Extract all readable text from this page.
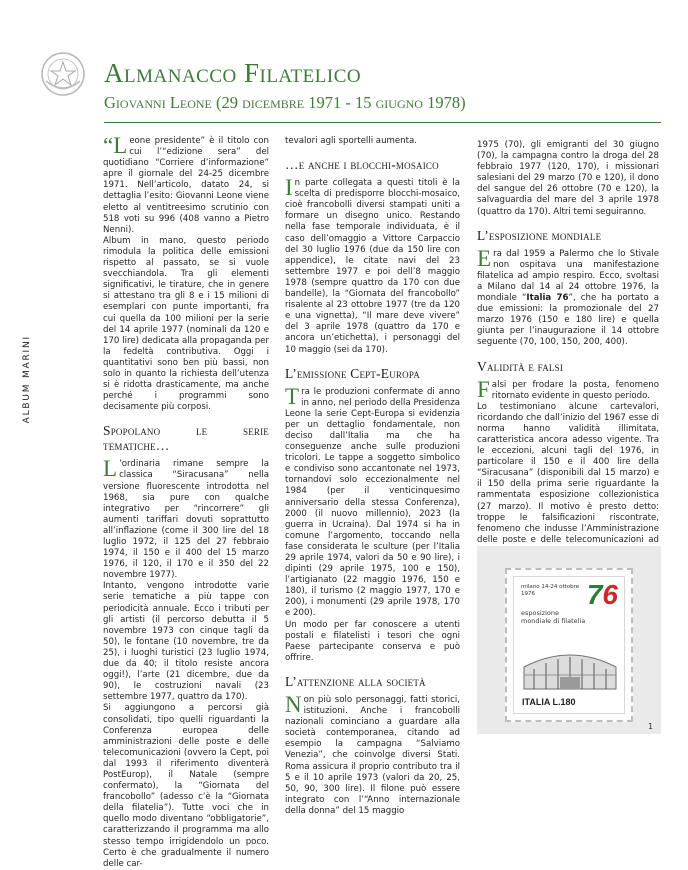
Almanacco Filatelico
Giovanni Leone (29 dicembre 1971 - 15 giugno 1978)
ALBUM MARINI

“Leone presidente” è il titolo con cui l’“edizione sera” del quotidiano “Corriere d’informazione” apre il giornale del 24-25 dicembre 1971. Nell’articolo, datato 24, si dettaglia l’esito: Giovanni Leone viene eletto al ventitreesimo scrutinio con 518 voti su 996 (408 vanno a Pietro Nenni).

Album in mano, questo periodo rimodula la politica delle emissioni rispetto al passato, se si vuole svecchiandola. Tra gli elementi significativi, le tirature, che in genere si attestano tra gli 8 e i 15 milioni di esemplari con punte importanti, fra cui quella da 100 milioni per la serie del 14 aprile 1977 (nominali da 120 e 170 lire) dedicata alla propaganda per la fedeltà contributiva. Oggi i quantitativi sono ben più bassi, non solo in quanto la richiesta dell’utenza si è ridotta drasticamente, ma anche perché i programmi sono decisamente più corposi.

Spopolano le serie tematiche…

L ’ordinaria rimane sempre la classica “Siracusana” nella versione fluorescente introdotta nel 1968, sia pure con qualche integrativo per “rincorrere” gli aumenti tariffari dovuti soprattutto all’inflazione (come il 300 lire del 18 luglio 1972, il 125 del 27 febbraio 1974, il 150 e il 400 del 15 marzo 1976, il 120, il 170 e il 350 del 22 novembre 1977).

Intanto, vengono introdotte varie serie tematiche a più tappe con periodicità annuale. Ecco i tributi per gli artisti (il percorso debutta il 5 novembre 1973 con cinque tagli da 50), le fontane (10 novembre, tre da 25), i luoghi turistici (23 luglio 1974, due da 40; il titolo resiste ancora oggi!), l’arte (21 dicembre, due da 90), le costruzioni navali (23 settembre 1977, quattro da 170).

Si aggiungono a percorsi già consolidati, tipo quelli riguardanti la Conferenza europea delle amministrazioni delle poste e delle telecomunicazioni (ovvero la Cept, poi dal 1993 il riferimento diventerà PostEurop), il Natale (sempre confermato), la “Giornata del francobollo” (adesso c’è la “Giornata della filatelia”). Tutte voci che in quello modo diventano “obbligatorie”, caratterizzando il programma ma allo stesso tempo irrigidendolo un poco. Certo è che gradualmente il numero delle car-

tevalori agli sportelli aumenta.

…e anche i blocchi-mosaico

In parte collegata a questi titoli è la scelta di predisporre blocchi-mosaico, cioè francobolli diversi stampati uniti a formare un disegno unico. Restando nella fase temporale individuata, è il caso dell’omaggio a Vittore Carpaccio del 30 luglio 1976 (due da 150 lire con appendice), le citate navi del 23 settembre 1977 e poi dell’8 maggio 1978 (sempre quattro da 170 con due bandelle), la “Giornata del francobollo” risalente al 23 ottobre 1977 (tre da 120 e una vignetta), “Il mare deve vivere” del 3 aprile 1978 (quattro da 170 e ancora un’etichetta), i personaggi del 10 maggio (sei da 170).

L’emissione Cept-Europa

Tra le produzioni confermate di anno in anno, nel periodo della Presidenza Leone la serie Cept-Europa si evidenzia per un dettaglio fondamentale, non deciso dall’Italia ma che ha conseguenze anche sulle produzioni tricolori. Le tappe a soggetto simbolico e condiviso sono accantonate nel 1973, tornandovi solo eccezionalmente nel 1984 (per il venticinquesimo anniversario della stessa Conferenza), 2000 (il nuovo millennio), 2023 (la guerra in Ucraina). Dal 1974 si ha in comune l’argomento, toccando nella fase considerata le sculture (per l’Italia 29 aprile 1974, valori da 50 e 90 lire), i dipinti (29 aprile 1975, 100 e 150), l’artigianato (22 maggio 1976, 150 e 180), il turismo (2 maggio 1977, 170 e 200), i monumenti (29 aprile 1978, 170 e 200).

Un modo per far conoscere a utenti postali e filatelisti i tesori che ogni Paese partecipante conserva e può offrire.

L’attenzione alla società

Non più solo personaggi, fatti storici, istituzioni. Anche i francobolli nazionali cominciano a guardare alla società contemporanea, citando ad esempio la campagna “Salviamo Venezia”, che coinvolge diversi Stati. Roma assicura il proprio contributo tra il 5 e il 10 aprile 1973 (valori da 20, 25, 50, 90, 300 lire). Il filone può essere integrato con l’“Anno internazionale della donna” del 15 maggio

1975 (70), gli emigranti del 30 giugno (70), la campagna contro la droga del 28 febbraio 1977 (120, 170), i missionari salesiani del 29 marzo (70 e 120), il dono del sangue del 26 ottobre (70 e 120), la salvaguardia del mare del 3 aprile 1978 (quattro da 170). Altri temi seguiranno.

L’esposizione mondiale

Era dal 1959 a Palermo che lo Stivale non ospitava una manifestazione filatelica ad ampio respiro. Ecco, svoltasi a Milano dal 14 al 24 ottobre 1976, la mondiale “Italia 76”, che ha portato a due emissioni: la promozionale del 27 marzo 1976 (150 e 180 lire) e quella giunta per l’inaugurazione il 14 ottobre seguente (70, 100, 150, 200, 400).

Validità e falsi

Falsi per frodare la posta, fenomeno ritornato evidente in questo periodo.

Lo testimoniano alcune cartevalori, ricordando che dall’inizio del 1967 esse di norma hanno validità illimitata, caratteristica ancora adesso vigente. Tra le eccezioni, alcuni tagli del 1976, in particolare il 150 e il 400 lire della “Siracusana” (disponibili dal 15 marzo) e il 150 della prima serie riguardante la rammentata esposizione collezionistica (27 marzo). Il motivo è presto detto: troppe le falsificazioni riscontrate, fenomeno che indusse l’Amministrazione delle poste e delle telecomunicazioni ad

milano 14-24 ottobre 1976	76
esposizione mondiale di filatelia
ITALIA L.180
1
